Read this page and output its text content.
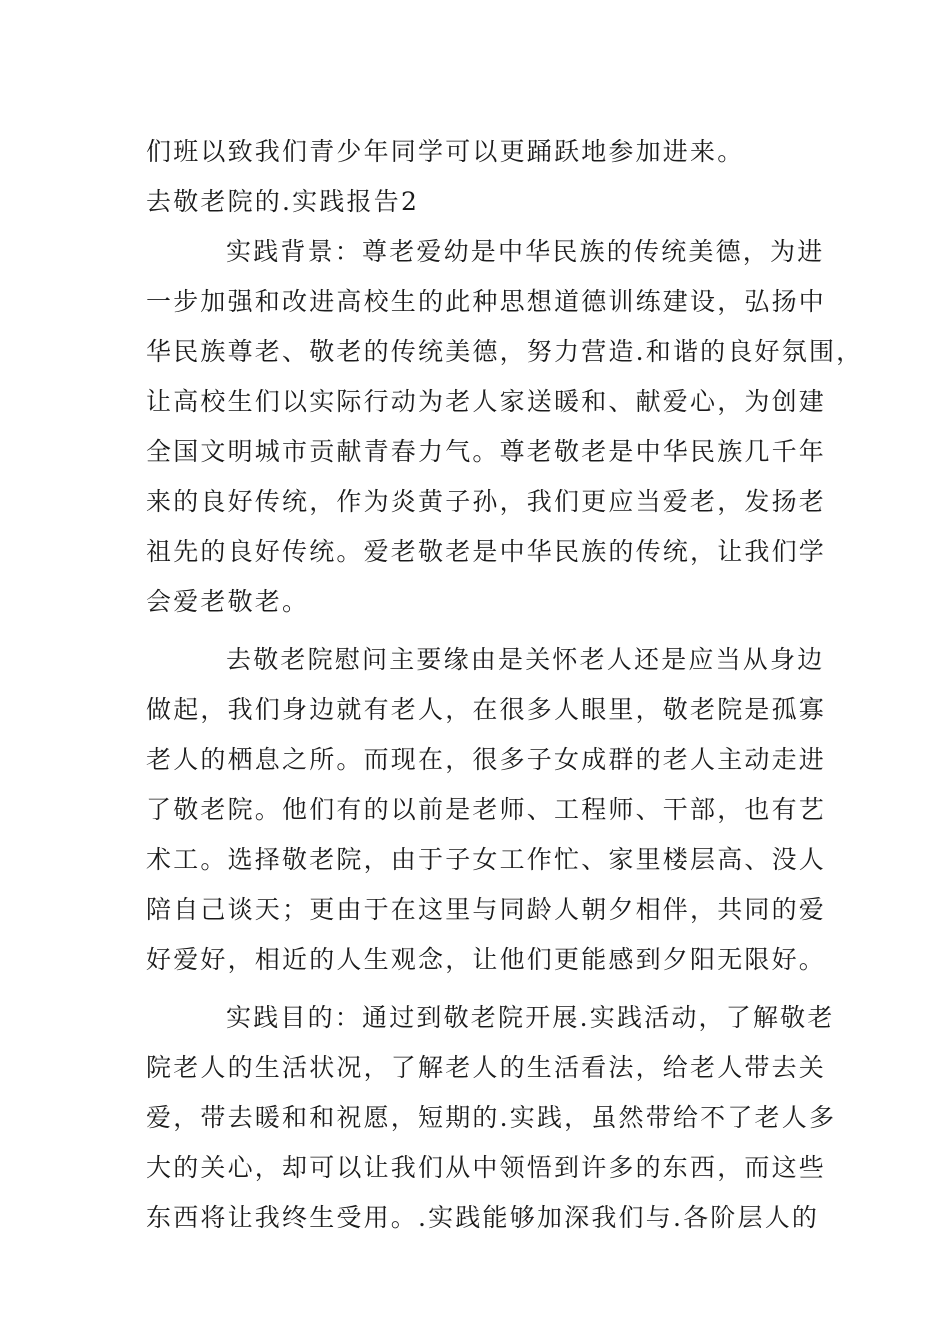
们班以致我们青少年同学可以更踊跃地参加进来。
去敬老院的.实践报告2
实践背景：尊老爱幼是中华民族的传统美德，为进
一步加强和改进高校生的此种思想道德训练建设，弘扬中
华民族尊老、敬老的传统美德，努力营造.和谐的良好氛围，
让高校生们以实际行动为老人家送暖和、献爱心，为创建
全国文明城市贡献青春力气。尊老敬老是中华民族几千年
来的良好传统，作为炎黄子孙，我们更应当爱老，发扬老
祖先的良好传统。爱老敬老是中华民族的传统，让我们学
会爱老敬老。
去敬老院慰问主要缘由是关怀老人还是应当从身边
做起，我们身边就有老人，在很多人眼里，敬老院是孤寡
老人的栖息之所。而现在，很多子女成群的老人主动走进
了敬老院。他们有的以前是老师、工程师、干部，也有艺
术工。选择敬老院，由于子女工作忙、家里楼层高、没人
陪自己谈天；更由于在这里与同龄人朝夕相伴，共同的爱
好爱好，相近的人生观念，让他们更能感到夕阳无限好。
实践目的：通过到敬老院开展.实践活动，了解敬老
院老人的生活状况，了解老人的生活看法，给老人带去关
爱，带去暖和和祝愿，短期的.实践，虽然带给不了老人多
大的关心，却可以让我们从中领悟到许多的东西，而这些
东西将让我终生受用。.实践能够加深我们与.各阶层人的
